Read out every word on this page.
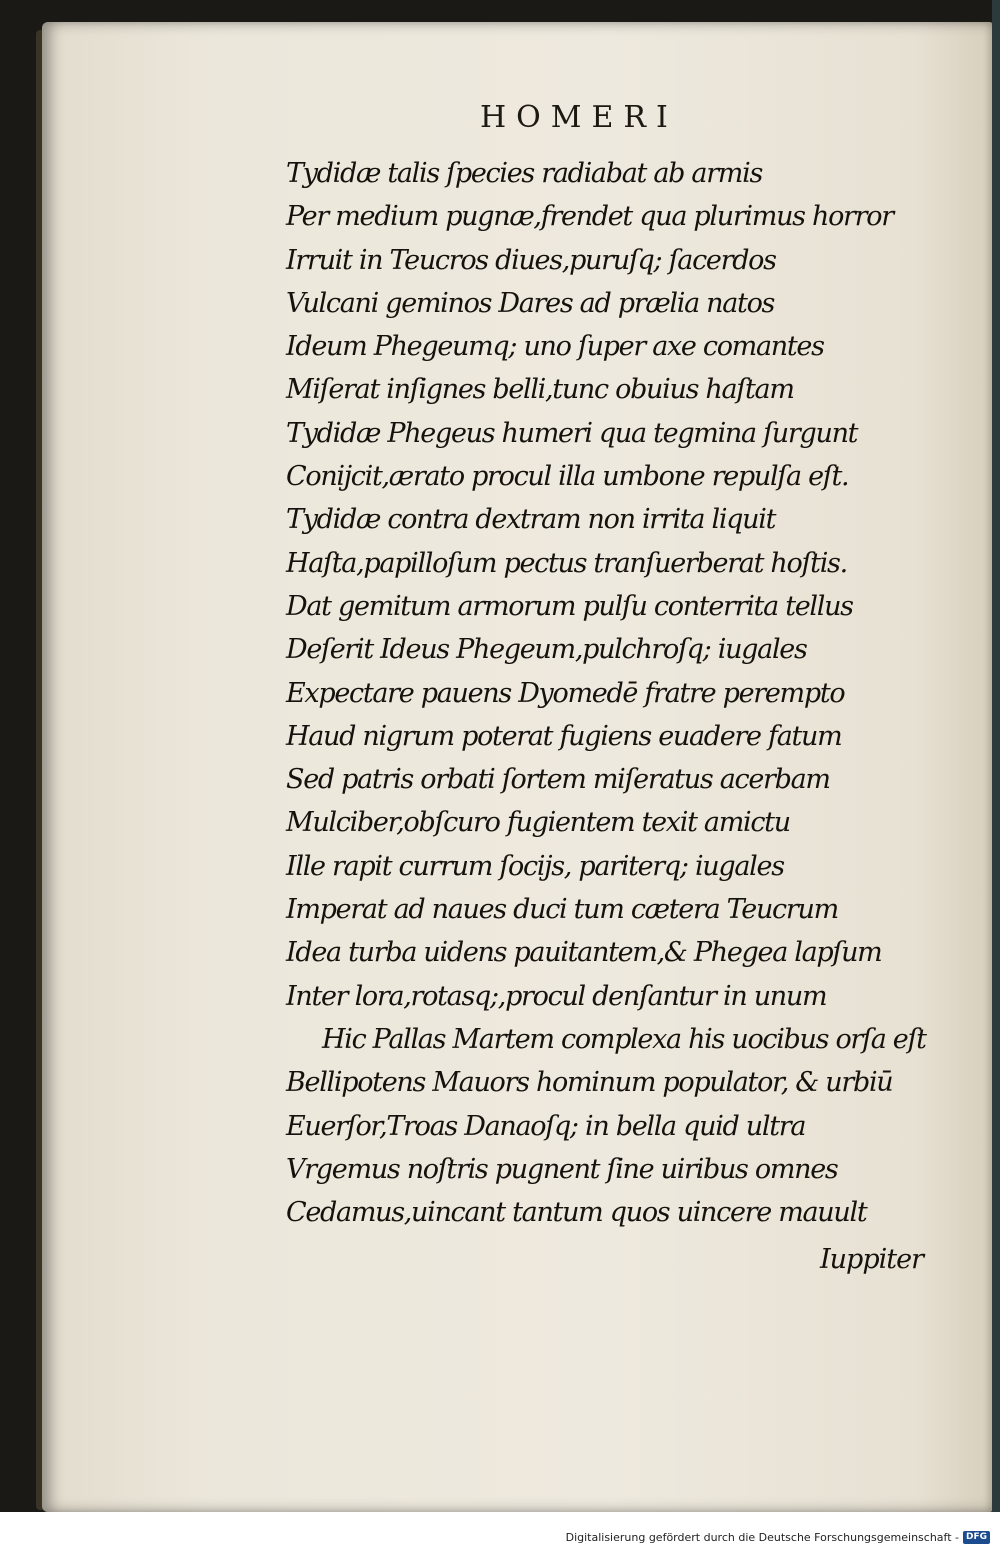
HOMERI
Tydidæ talis ſpecies radiabat ab armis
Per medium pugnæ,frendet qua plurimus horror
Irruit in Teucros diues,puruſq; ſacerdos
Vulcani geminos Dares ad prælia natos
Ideum Phegeumq; uno ſuper axe comantes
Miſerat inſignes belli,tunc obuius haſtam
Tydidæ Phegeus humeri qua tegmina ſurgunt
Conijcit,ærato procul illa umbone repulſa eſt.
Tydidæ contra dextram non irrita liquit
Haſta,papilloſum pectus tranſuerberat hoſtis.
Dat gemitum armorum pulſu conterrita tellus
Deſerit Ideus Phegeum,pulchroſq; iugales
Expectare pauens Dyomedē fratre perempto
Haud nigrum poterat fugiens euadere fatum
Sed patris orbati ſortem miſeratus acerbam
Mulciber,obſcuro fugientem texit amictu
Ille rapit currum ſocijs, pariterq; iugales
Imperat ad naues duci tum cætera Teucrum
Idea turba uidens pauitantem,& Phegea lapſum
Inter lora,rotasq;,procul denſantur in unum
Hic Pallas Martem complexa his uocibus orſa eſt
Bellipotens Mauors hominum populator, & urbiū
Euerſor,Troas Danaoſq; in bella quid ultra
Vrgemus noſtris pugnent ſine uiribus omnes
Cedamus,uincant tantum quos uincere mauult
Iuppiter
Digitalisierung gefördert durch die Deutsche Forschungsgemeinschaft - DFG
